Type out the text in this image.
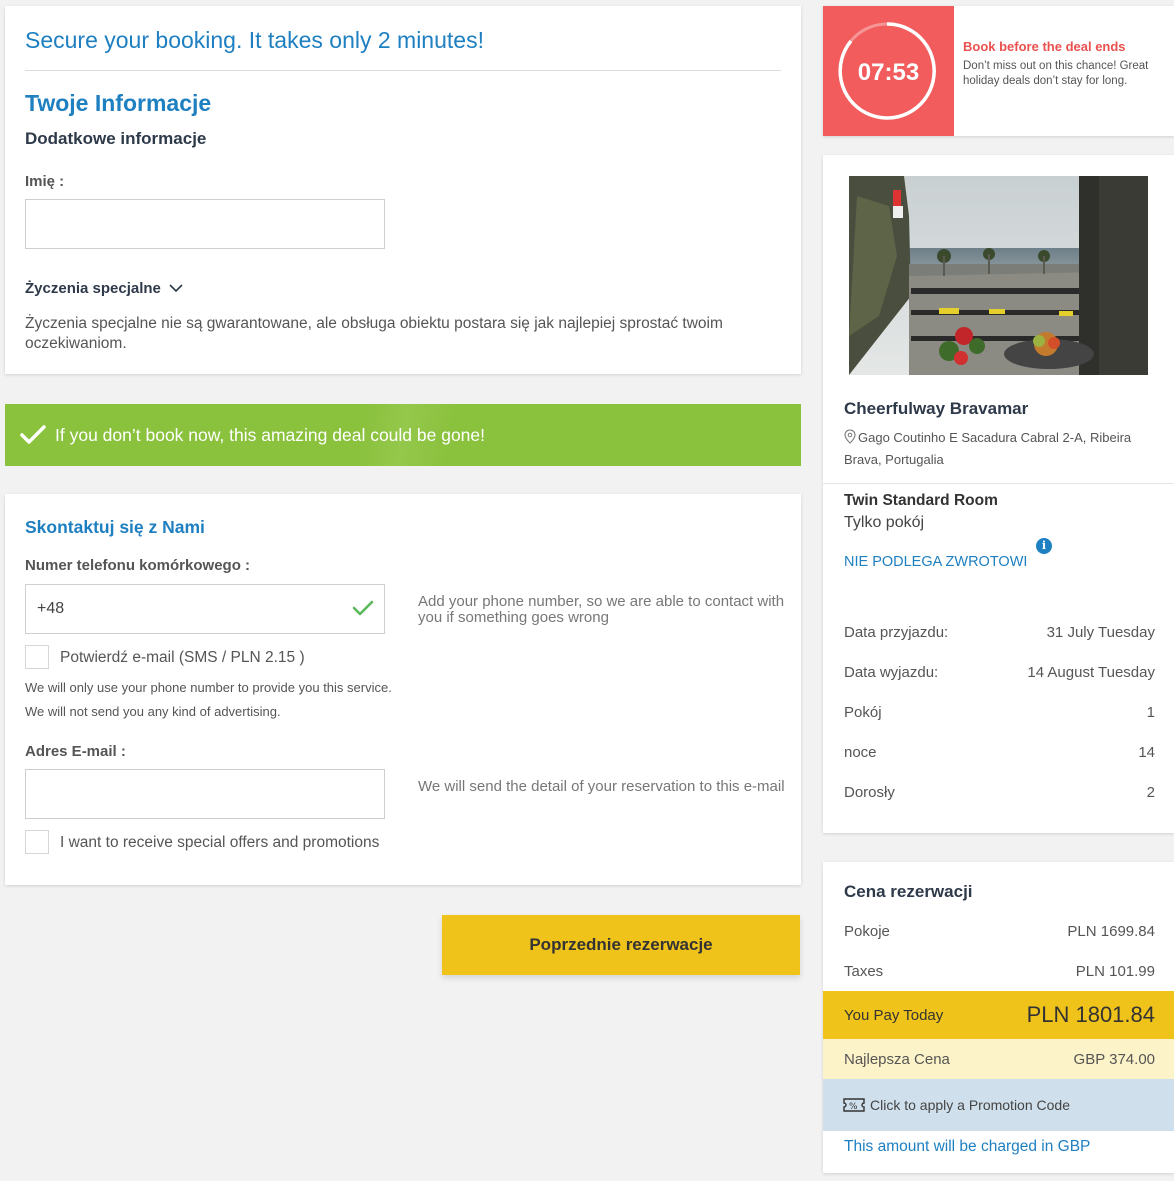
Secure your booking. It takes only 2 minutes!
Twoje Informacje
Dodatkowe informacje
Imię :
Życzenia specjalne
Życzenia specjalne nie są gwarantowane, ale obsługa obiektu postara się jak najlepiej sprostać twoim oczekiwaniom.
If you don’t book now, this amazing deal could be gone!
Skontaktuj się z Nami
Numer telefonu komórkowego :
+48	Add your phone number, so we are able to contact with you if something goes wrong
Potwierdź e-mail (SMS / PLN 2.15 )
We will only use your phone number to provide you this service.
We will not send you any kind of advertising.
Adres E-mail :
We will send the detail of your reservation to this e-mail
I want to receive special offers and promotions
Poprzednie rezerwacje
07:53
Book before the deal ends
Don’t miss out on this chance! Great holiday deals don’t stay for long.
Cheerfulway Bravamar
Gago Coutinho E Sacadura Cabral 2-A, Ribeira Brava, Portugalia
Twin Standard Room
Tylko pokój
i
NIE PODLEGA ZWROTOWI
Data przyjazdu:	31 July Tuesday
Data wyjazdu:	14 August Tuesday
Pokój	1
noce	14
Dorosły	2
Cena rezerwacji
Pokoje	PLN 1699.84
Taxes	PLN 101.99
You Pay Today	PLN 1801.84
Najlepsza Cena	GBP 374.00
% Click to apply a Promotion Code
This amount will be charged in GBP
